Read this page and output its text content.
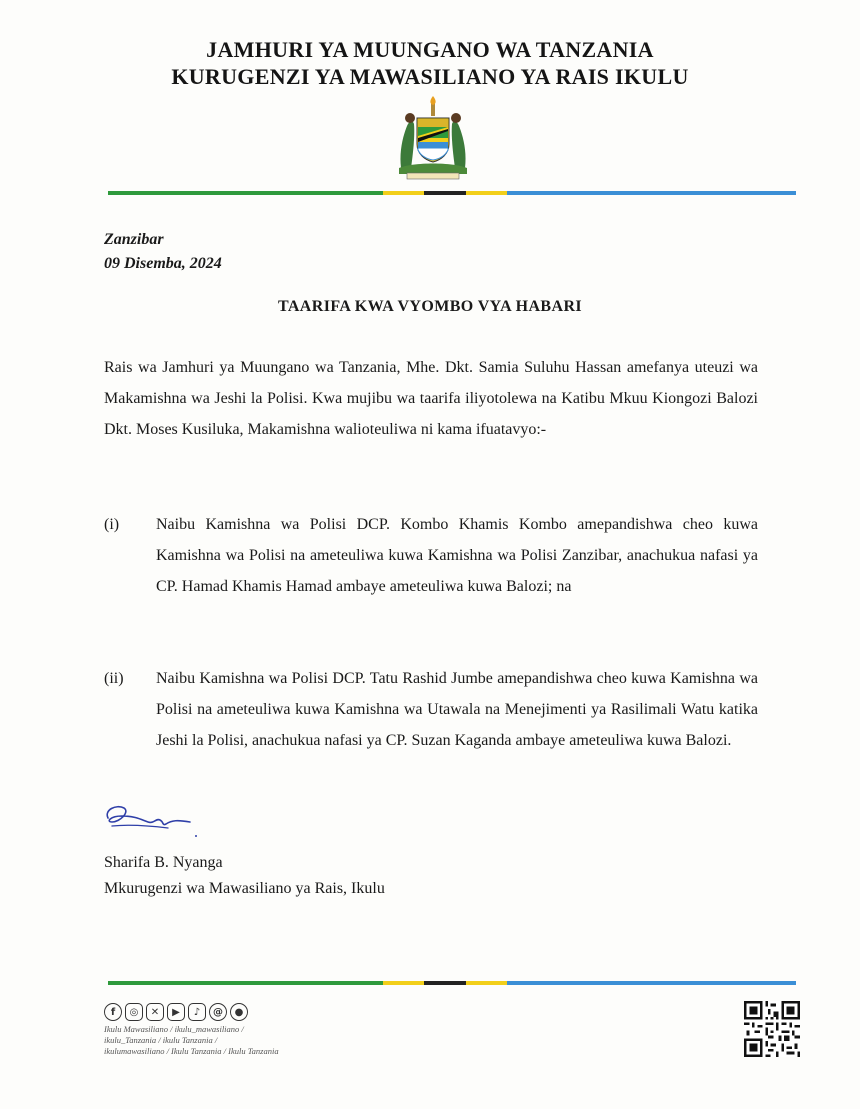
JAMHURI YA MUUNGANO WA TANZANIA
KURUGENZI YA MAWASILIANO YA RAIS IKULU
Zanzibar
09 Disemba, 2024
TAARIFA KWA VYOMBO VYA HABARI
Rais wa Jamhuri ya Muungano wa Tanzania, Mhe. Dkt. Samia Suluhu Hassan amefanya uteuzi wa Makamishna wa Jeshi la Polisi. Kwa mujibu wa taarifa iliyotolewa na Katibu Mkuu Kiongozi Balozi Dkt. Moses Kusiluka, Makamishna walioteuliwa ni kama ifuatavyo:-
(i) Naibu Kamishna wa Polisi DCP. Kombo Khamis Kombo amepandishwa cheo kuwa Kamishna wa Polisi na ameteuliwa kuwa Kamishna wa Polisi Zanzibar, anachukua nafasi ya CP. Hamad Khamis Hamad ambaye ameteuliwa kuwa Balozi; na
(ii) Naibu Kamishna wa Polisi DCP. Tatu Rashid Jumbe amepandishwa cheo kuwa Kamishna wa Polisi na ameteuliwa kuwa Kamishna wa Utawala na Menejimenti ya Rasilimali Watu katika Jeshi la Polisi, anachukua nafasi ya CP. Suzan Kaganda ambaye ameteuliwa kuwa Balozi.
Sharifa B. Nyanga
Mkurugenzi wa Mawasiliano ya Rais, Ikulu
f	◎	✕	▶	♪	@	●
Ikulu Mawasiliano / ikulu_mawasiliano /
ikulu_Tanzania / ikulu Tanzania /
ikulumawasiliano / Ikulu Tanzania / Ikulu Tanzania
